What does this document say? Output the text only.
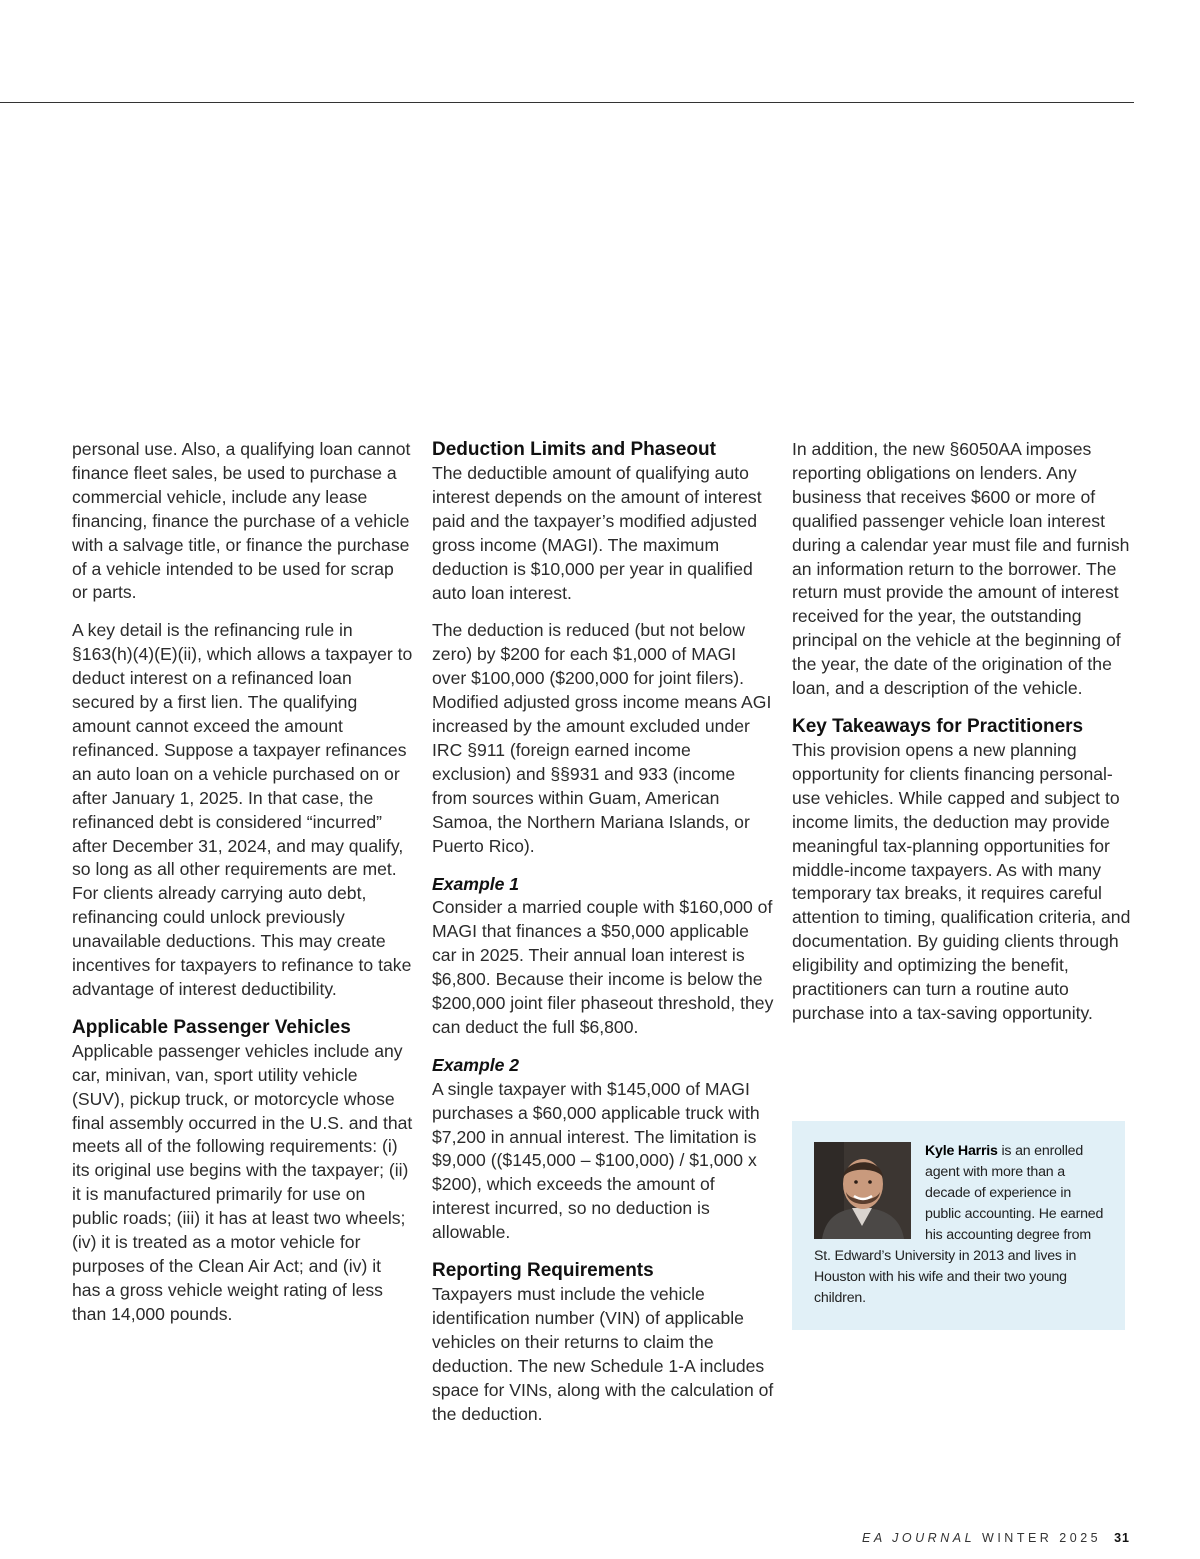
personal use. Also, a qualifying loan cannot finance fleet sales, be used to purchase a commercial vehicle, include any lease financing, finance the purchase of a vehicle with a salvage title, or finance the purchase of a vehicle intended to be used for scrap or parts.

A key detail is the refinancing rule in §163(h)(4)(E)(ii), which allows a taxpayer to deduct interest on a refinanced loan secured by a first lien. The qualifying amount cannot exceed the amount refinanced. Suppose a taxpayer refinances an auto loan on a vehicle purchased on or after January 1, 2025. In that case, the refinanced debt is considered “incurred” after December 31, 2024, and may qualify, so long as all other requirements are met. For clients already carrying auto debt, refinancing could unlock previously unavailable deductions. This may create incentives for taxpayers to refinance to take advantage of interest deductibility.

Applicable Passenger Vehicles

Applicable passenger vehicles include any car, minivan, van, sport utility vehicle (SUV), pickup truck, or motorcycle whose final assembly occurred in the U.S. and that meets all of the following requirements: (i) its original use begins with the taxpayer; (ii) it is manufactured primarily for use on public roads; (iii) it has at least two wheels; (iv) it is treated as a motor vehicle for purposes of the Clean Air Act; and (iv) it has a gross vehicle weight rating of less than 14,000 pounds.

Deduction Limits and Phaseout

The deductible amount of qualifying auto interest depends on the amount of interest paid and the taxpayer’s modified adjusted gross income (MAGI). The maximum deduction is $10,000 per year in qualified auto loan interest.

The deduction is reduced (but not below zero) by $200 for each $1,000 of MAGI over $100,000 ($200,000 for joint filers). Modified adjusted gross income means AGI increased by the amount excluded under IRC §911 (foreign earned income exclusion) and §§931 and 933 (income from sources within Guam, American Samoa, the Northern Mariana Islands, or Puerto Rico).

Example 1

Consider a married couple with $160,000 of MAGI that finances a $50,000 applicable car in 2025. Their annual loan interest is $6,800. Because their income is below the $200,000 joint filer phaseout threshold, they can deduct the full $6,800.

Example 2

A single taxpayer with $145,000 of MAGI purchases a $60,000 applicable truck with $7,200 in annual interest. The limitation is $9,000 (($145,000 – $100,000) / $1,000 x $200), which exceeds the amount of interest incurred, so no deduction is allowable.

Reporting Requirements

Taxpayers must include the vehicle identification number (VIN) of applicable vehicles on their returns to claim the deduction. The new Schedule 1-A includes space for VINs, along with the calculation of the deduction.

In addition, the new §6050AA imposes reporting obligations on lenders. Any business that receives $600 or more of qualified passenger vehicle loan interest during a calendar year must file and furnish an information return to the borrower. The return must provide the amount of interest received for the year, the outstanding principal on the vehicle at the beginning of the year, the date of the origination of the loan, and a description of the vehicle.

Key Takeaways for Practitioners

This provision opens a new planning opportunity for clients financing personal-use vehicles. While capped and subject to income limits, the deduction may provide meaningful tax-planning opportunities for middle-income taxpayers. As with many temporary tax breaks, it requires careful attention to timing, qualification criteria, and documentation. By guiding clients through eligibility and optimizing the benefit, practitioners can turn a routine auto purchase into a tax-saving opportunity.

Kyle Harris is an enrolled agent with more than a decade of experience in public accounting. He earned his accounting degree from St. Edward’s University in 2013 and lives in Houston with his wife and their two young children.
EA JOURNAL WINTER 2025 31
